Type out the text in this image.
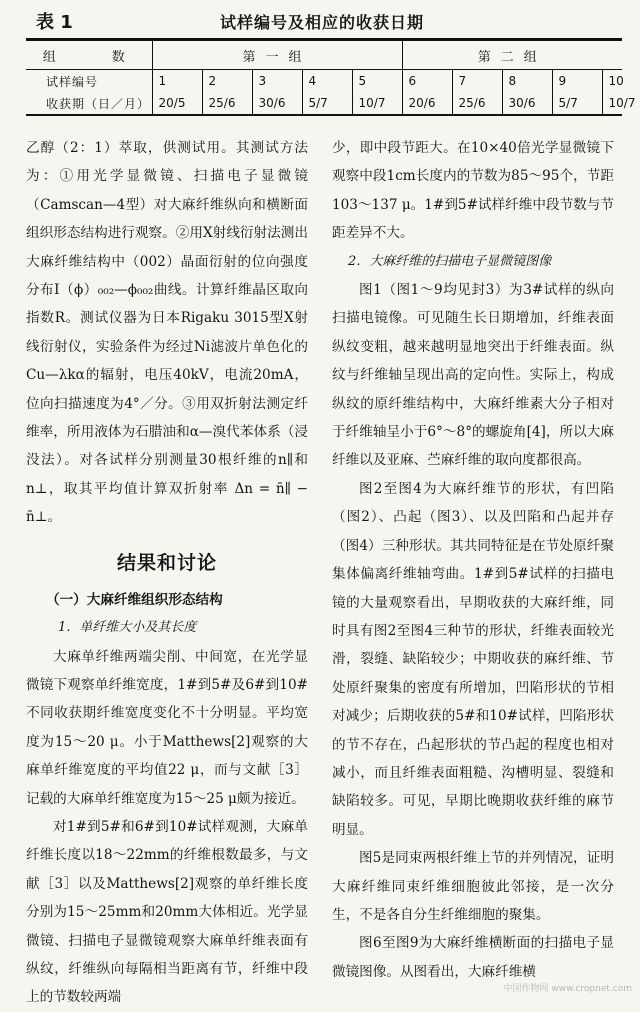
表 1	试样编号及相应的收获日期
组　　数	第一组					第二组				
试样编号	1	2	3	4	5	6	7	8	9	10
收获期（日／月）	20/5	25/6	30/6	5/7	10/7	20/6	25/6	30/6	5/7	10/7

乙醇（2：1）萃取，供测试用。其测试方法为：①用光学显微镜、扫描电子显微镜（Camscan—4型）对大麻纤维纵向和横断面组织形态结构进行观察。②用X射线衍射法测出大麻纤维结构中（002）晶面衍射的位向强度分布I（ϕ）₀₀₂—ϕ₀₀₂曲线。计算纤维晶区取向指数R。测试仪器为日本Rigaku 3015型X射线衍射仪，实验条件为经过Ni滤波片单色化的Cu—λkα的辐射，电压40kV，电流20mA，位向扫描速度为4°／分。③用双折射法测定纤维率，所用液体为石腊油和α—溴代苯体系（浸没法）。对各试样分别测量30根纤维的n∥和n⊥，取其平均值计算双折射率 Δn = n̄∥ − n̄⊥。

结果和讨论
（一）大麻纤维组织形态结构
1．单纤维大小及其长度

大麻单纤维两端尖削、中间宽，在光学显微镜下观察单纤维宽度，1#到5#及6#到10#不同收获期纤维宽度变化不十分明显。平均宽度为15～20 μ。小于Matthews[2]观察的大麻单纤维宽度的平均值22 μ，而与文献［3］记载的大麻单纤维宽度为15～25 μ颇为接近。

对1#到5#和6#到10#试样观测，大麻单纤维长度以18～22mm的纤维根数最多，与文献［3］以及Matthews[2]观察的单纤维长度分别为15～25mm和20mm大体相近。光学显微镜、扫描电子显微镜观察大麻单纤维表面有纵纹，纤维纵向每隔相当距离有节，纤维中段上的节数较两端

少，即中段节距大。在10×40倍光学显微镜下观察中段1cm长度内的节数为85～95个，节距103～137 μ。1#到5#试样纤维中段节数与节距差异不大。

2．大麻纤维的扫描电子显微镜图像

图1（图1～9均见封3）为3#试样的纵向扫描电镜像。可见随生长日期增加，纤维表面纵纹变粗，越来越明显地突出于纤维表面。纵纹与纤维轴呈现出高的定向性。实际上，构成纵纹的原纤维结构中，大麻纤维素大分子相对于纤维轴呈小于6°～8°的螺旋角[4]，所以大麻纤维以及亚麻、苎麻纤维的取向度都很高。

图2至图4为大麻纤维节的形状，有凹陷（图2）、凸起（图3）、以及凹陷和凸起并存（图4）三种形状。其共同特征是在节处原纤聚集体偏离纤维轴弯曲。1#到5#试样的扫描电镜的大量观察看出，早期收获的大麻纤维，同时具有图2至图4三种节的形状，纤维表面较光滑，裂缝、缺陷较少；中期收获的麻纤维、节处原纤聚集的密度有所增加，凹陷形状的节相对减少；后期收获的5#和10#试样，凹陷形状的节不存在，凸起形状的节凸起的程度也相对减小，而且纤维表面粗糙、沟槽明显、裂缝和缺陷较多。可见，早期比晚期收获纤维的麻节明显。

图5是同束两根纤维上节的并列情况，证明大麻纤维同束纤维细胞彼此邻接，是一次分生，不是各自分生纤维细胞的聚集。

图6至图9为大麻纤维横断面的扫描电子显微镜图像。从图看出，大麻纤维横

中国作物网 www.cropnet.com
